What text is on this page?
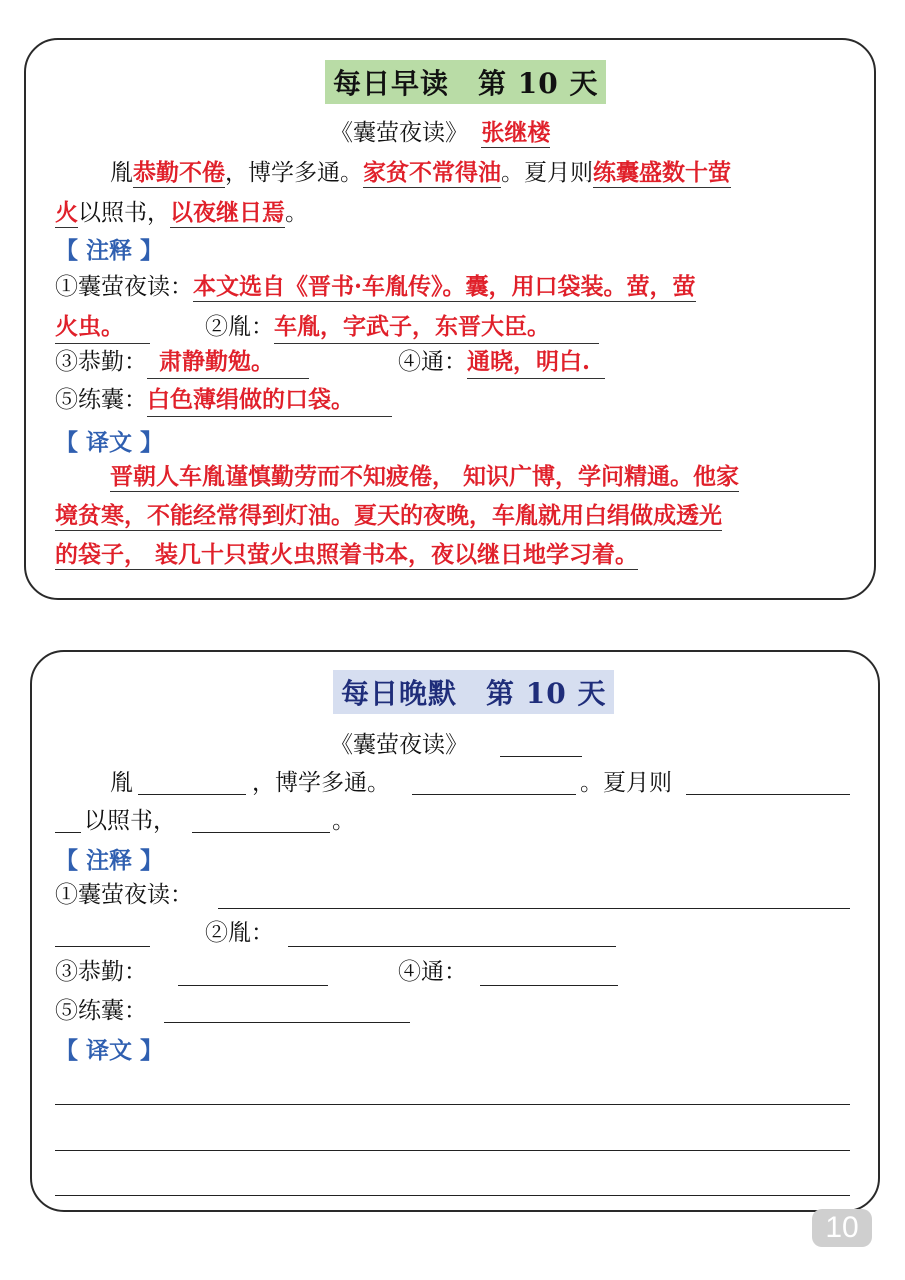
每日早读　第 10 天
《囊萤夜读》 张继楼
胤恭勤不倦，博学多通。家贫不常得油。夏月则练囊盛数十萤
火以照书，以夜继日焉。
【 注释 】
①囊萤夜读：本文选自《晋书·车胤传》。囊，用口袋装。萤，萤
火虫。	②胤：车胤，字武子，东晋大臣。
③恭勤： 肃静勤勉。	④通：通晓，明白.
⑤练囊：白色薄绢做的口袋。
【 译文 】
晋朝人车胤谨慎勤劳而不知疲倦， 知识广博，学问精通。他家
境贫寒，不能经常得到灯油。夏天的夜晚，车胤就用白绢做成透光
的袋子， 装几十只萤火虫照着书本，夜以继日地学习着。
每日晚默　第 10 天
《囊萤夜读》
胤	，博学多通。	。夏月则
以照书，	。
【 注释 】
①囊萤夜读：
②胤：
③恭勤：	④通：
⑤练囊：
【 译文 】
10
